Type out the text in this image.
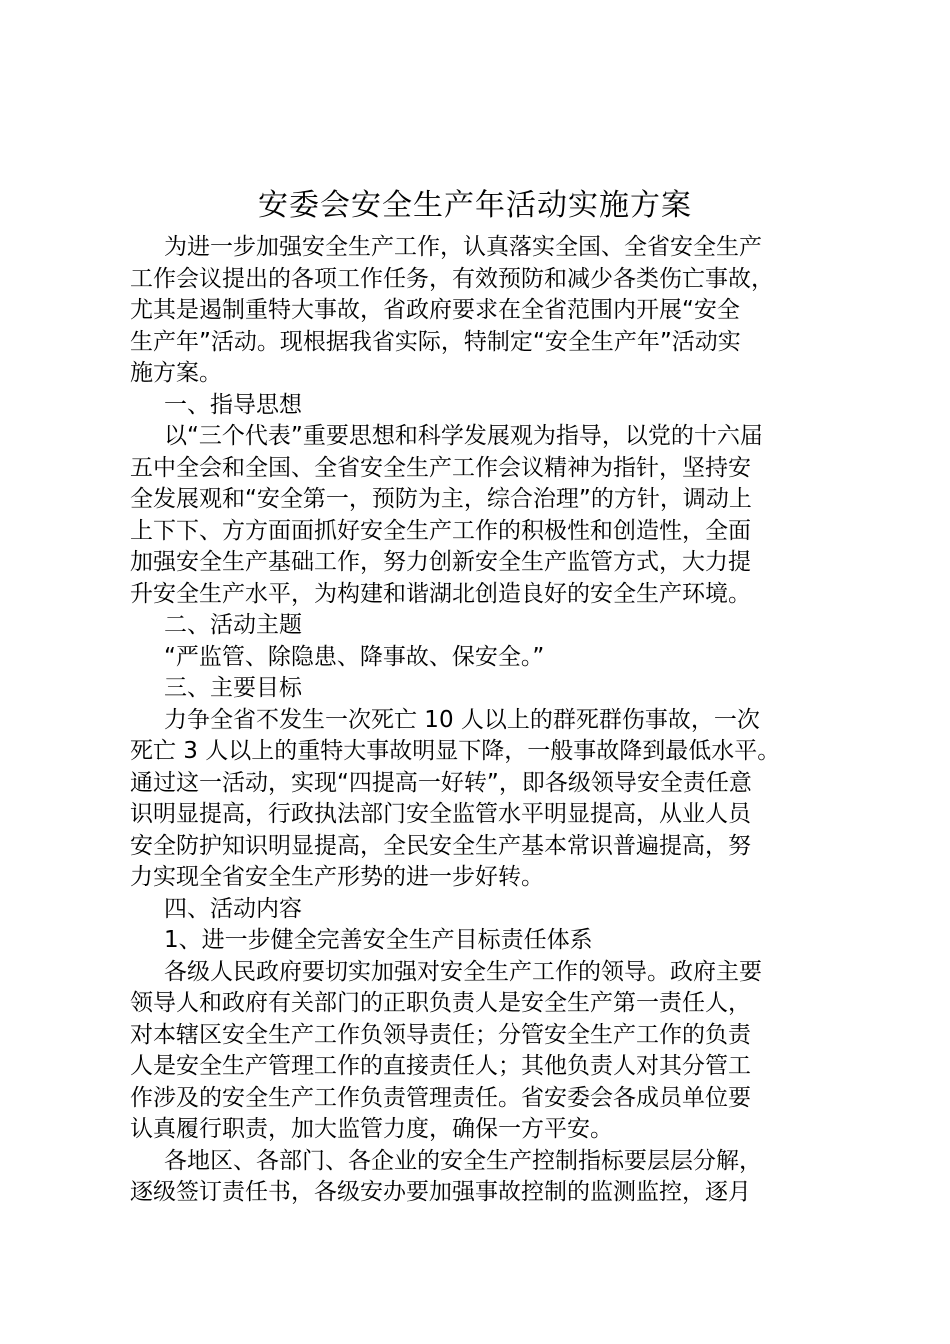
安委会安全生产年活动实施方案
为进一步加强安全生产工作，认真落实全国、全省安全生产
工作会议提出的各项工作任务，有效预防和减少各类伤亡事故，
尤其是遏制重特大事故，省政府要求在全省范围内开展“安全
生产年”活动。现根据我省实际，特制定“安全生产年”活动实
施方案。
一、指导思想
以“三个代表”重要思想和科学发展观为指导，以党的十六届
五中全会和全国、全省安全生产工作会议精神为指针，坚持安
全发展观和“安全第一，预防为主，综合治理”的方针，调动上
上下下、方方面面抓好安全生产工作的积极性和创造性，全面
加强安全生产基础工作，努力创新安全生产监管方式，大力提
升安全生产水平，为构建和谐湖北创造良好的安全生产环境。
二、活动主题
“严监管、除隐患、降事故、保安全。”
三、主要目标
力争全省不发生一次死亡 10 人以上的群死群伤事故，一次
死亡 3 人以上的重特大事故明显下降，一般事故降到最低水平。
通过这一活动，实现“四提高一好转”，即各级领导安全责任意
识明显提高，行政执法部门安全监管水平明显提高，从业人员
安全防护知识明显提高，全民安全生产基本常识普遍提高，努
力实现全省安全生产形势的进一步好转。
四、活动内容
1、进一步健全完善安全生产目标责任体系
各级人民政府要切实加强对安全生产工作的领导。政府主要
领导人和政府有关部门的正职负责人是安全生产第一责任人，
对本辖区安全生产工作负领导责任；分管安全生产工作的负责
人是安全生产管理工作的直接责任人；其他负责人对其分管工
作涉及的安全生产工作负责管理责任。省安委会各成员单位要
认真履行职责，加大监管力度，确保一方平安。
各地区、各部门、各企业的安全生产控制指标要层层分解，
逐级签订责任书，各级安办要加强事故控制的监测监控，逐月
